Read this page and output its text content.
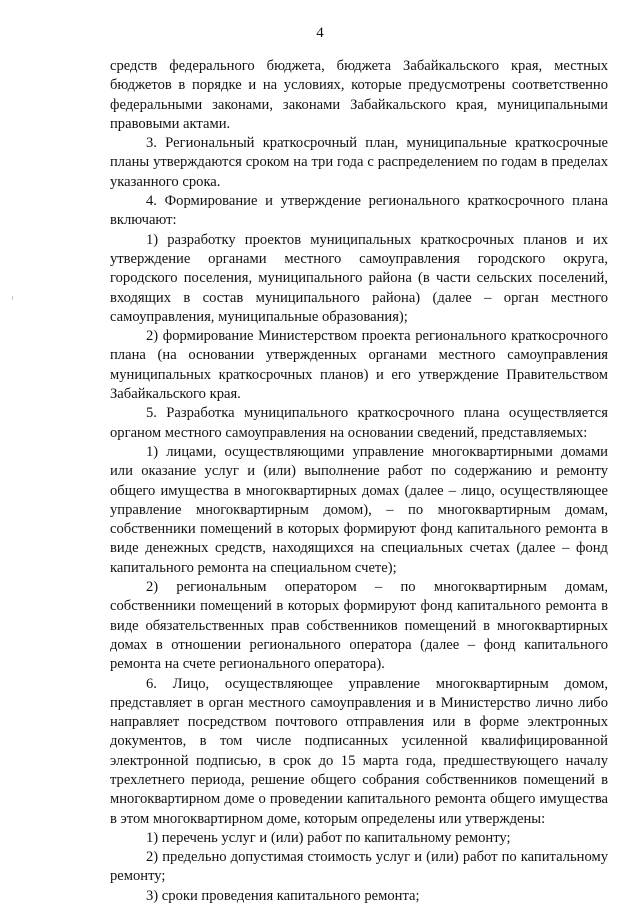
4

средств федерального бюджета, бюджета Забайкальского края, местных бюджетов в порядке и на условиях, которые предусмотрены соответственно федеральными законами, законами Забайкальского края, муниципальными правовыми актами.

3. Региональный краткосрочный план, муниципальные краткосрочные планы утверждаются сроком на три года с распределением по годам в пределах указанного срока.

4. Формирование и утверждение регионального краткосрочного плана включают:

1) разработку проектов муниципальных краткосрочных планов и их утверждение органами местного самоуправления городского округа, городского поселения, муниципального района (в части сельских поселений, входящих в состав муниципального района) (далее – орган местного самоуправления, муниципальные образования);

2) формирование Министерством проекта регионального краткосрочного плана (на основании утвержденных органами местного самоуправления муниципальных краткосрочных планов) и его утверждение Правительством Забайкальского края.

5. Разработка муниципального краткосрочного плана осуществляется органом местного самоуправления на основании сведений, представляемых:

1) лицами, осуществляющими управление многоквартирными домами или оказание услуг и (или) выполнение работ по содержанию и ремонту общего имущества в многоквартирных домах (далее – лицо, осуществляющее управление многоквартирным домом), – по многоквартирным домам, собственники помещений в которых формируют фонд капитального ремонта в виде денежных средств, находящихся на специальных счетах (далее – фонд капитального ремонта на специальном счете);

2) региональным оператором – по многоквартирным домам, собственники помещений в которых формируют фонд капитального ремонта в виде обязательственных прав собственников помещений в многоквартирных домах в отношении регионального оператора (далее – фонд капитального ремонта на счете регионального оператора).

6. Лицо, осуществляющее управление многоквартирным домом, представляет в орган местного самоуправления и в Министерство лично либо направляет посредством почтового отправления или в форме электронных документов, в том числе подписанных усиленной квалифицированной электронной подписью, в срок до 15 марта года, предшествующего началу трехлетнего периода, решение общего собрания собственников помещений в многоквартирном доме о проведении капитального ремонта общего имущества в этом многоквартирном доме, которым определены или утверждены:

1) перечень услуг и (или) работ по капитальному ремонту;

2) предельно допустимая стоимость услуг и (или) работ по капитальному ремонту;

3) сроки проведения капитального ремонта;
